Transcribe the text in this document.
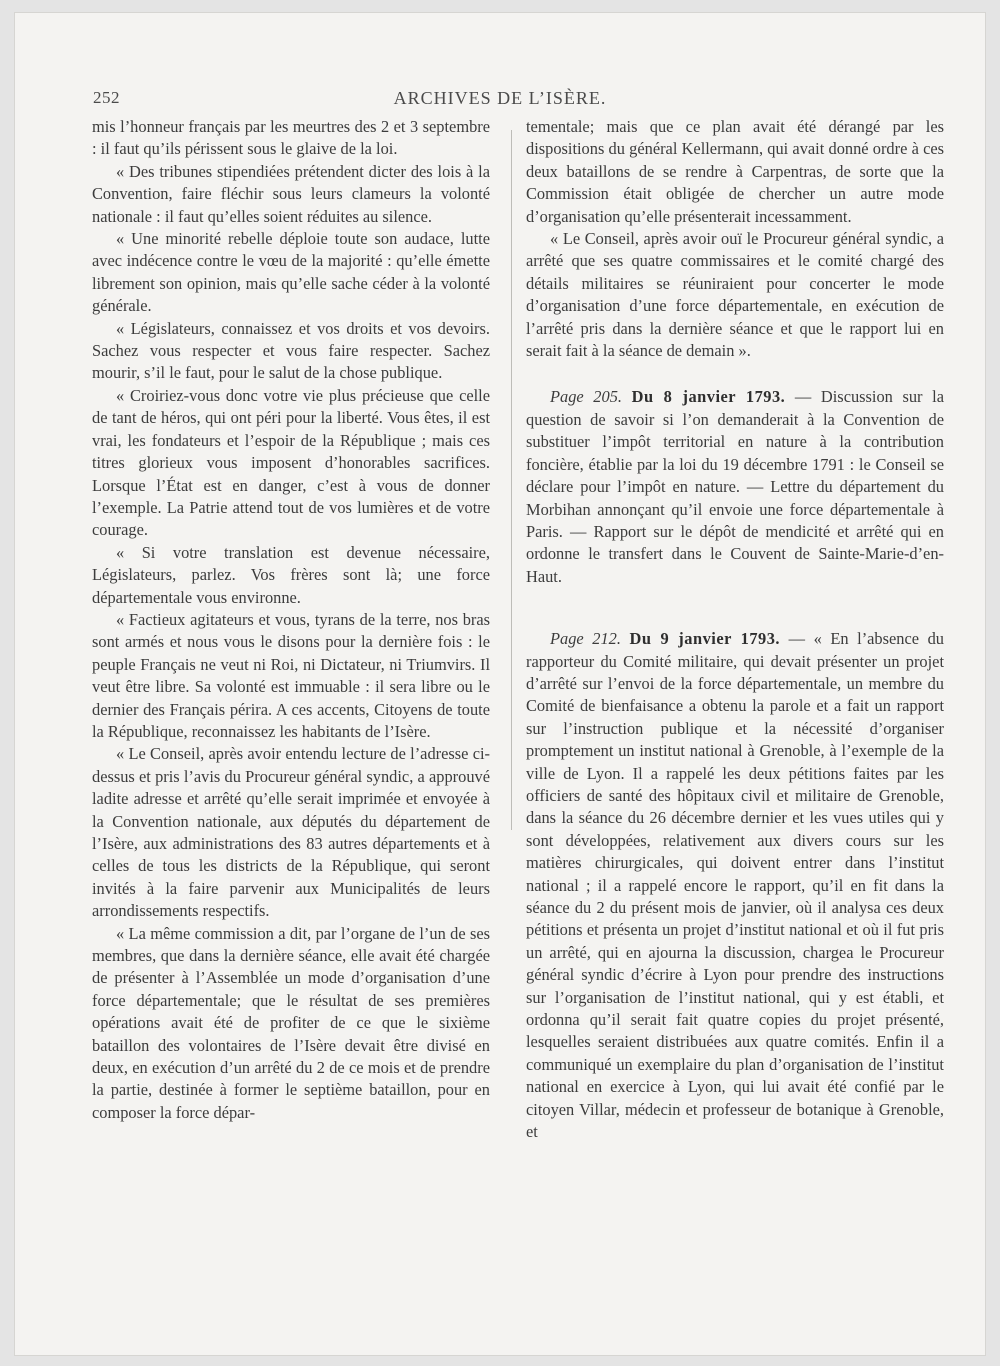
252	ARCHIVES DE L’ISÈRE.

mis l’honneur français par les meurtres des 2 et 3 septembre : il faut qu’ils périssent sous le glaive de la loi.

« Des tribunes stipendiées prétendent dicter des lois à la Convention, faire fléchir sous leurs clameurs la volonté nationale : il faut qu’elles soient réduites au silence.

« Une minorité rebelle déploie toute son audace, lutte avec indécence contre le vœu de la majorité : qu’elle émette librement son opinion, mais qu’elle sache céder à la volonté générale.

« Législateurs, connaissez et vos droits et vos devoirs. Sachez vous respecter et vous faire respecter. Sachez mourir, s’il le faut, pour le salut de la chose publique.

« Croiriez-vous donc votre vie plus précieuse que celle de tant de héros, qui ont péri pour la liberté. Vous êtes, il est vrai, les fondateurs et l’espoir de la République ; mais ces titres glorieux vous imposent d’honorables sacrifices. Lorsque l’État est en danger, c’est à vous de donner l’exemple. La Patrie attend tout de vos lumières et de votre courage.

« Si votre translation est devenue nécessaire, Législateurs, parlez. Vos frères sont là; une force départementale vous environne.

« Factieux agitateurs et vous, tyrans de la terre, nos bras sont armés et nous vous le disons pour la dernière fois : le peuple Français ne veut ni Roi, ni Dictateur, ni Triumvirs. Il veut être libre. Sa volonté est immuable : il sera libre ou le dernier des Français périra. A ces accents, Citoyens de toute la République, reconnaissez les habitants de l’Isère.

« Le Conseil, après avoir entendu lecture de l’adresse ci-dessus et pris l’avis du Procureur général syndic, a approuvé ladite adresse et arrêté qu’elle serait imprimée et envoyée à la Convention nationale, aux députés du département de l’Isère, aux administrations des 83 autres départements et à celles de tous les districts de la République, qui seront invités à la faire parvenir aux Municipalités de leurs arrondissements respectifs.

« La même commission a dit, par l’organe de l’un de ses membres, que dans la dernière séance, elle avait été chargée de présenter à l’Assemblée un mode d’organisation d’une force départementale; que le résultat de ses premières opérations avait été de profiter de ce que le sixième bataillon des volontaires de l’Isère devait être divisé en deux, en exécution d’un arrêté du 2 de ce mois et de prendre la partie, destinée à former le septième bataillon, pour en composer la force dépar-

tementale; mais que ce plan avait été dérangé par les dispositions du général Kellermann, qui avait donné ordre à ces deux bataillons de se rendre à Carpentras, de sorte que la Commission était obligée de chercher un autre mode d’organisation qu’elle présenterait incessamment.

« Le Conseil, après avoir ouï le Procureur général syndic, a arrêté que ses quatre commissaires et le comité chargé des détails militaires se réuniraient pour concerter le mode d’organisation d’une force départementale, en exécution de l’arrêté pris dans la dernière séance et que le rapport lui en serait fait à la séance de demain ».

Page 205. Du 8 janvier 1793. — Discussion sur la question de savoir si l’on demanderait à la Convention de substituer l’impôt territorial en nature à la contribution foncière, établie par la loi du 19 décembre 1791 : le Conseil se déclare pour l’impôt en nature. — Lettre du département du Morbihan annonçant qu’il envoie une force départementale à Paris. — Rapport sur le dépôt de mendicité et arrêté qui en ordonne le transfert dans le Couvent de Sainte-Marie-d’en-Haut.

Page 212. Du 9 janvier 1793. — « En l’absence du rapporteur du Comité militaire, qui devait présenter un projet d’arrêté sur l’envoi de la force départementale, un membre du Comité de bienfaisance a obtenu la parole et a fait un rapport sur l’instruction publique et la nécessité d’organiser promptement un institut national à Grenoble, à l’exemple de la ville de Lyon. Il a rappelé les deux pétitions faites par les officiers de santé des hôpitaux civil et militaire de Grenoble, dans la séance du 26 décembre dernier et les vues utiles qui y sont développées, relativement aux divers cours sur les matières chirurgicales, qui doivent entrer dans l’institut national ; il a rappelé encore le rapport, qu’il en fit dans la séance du 2 du présent mois de janvier, où il analysa ces deux pétitions et présenta un projet d’institut national et où il fut pris un arrêté, qui en ajourna la discussion, chargea le Procureur général syndic d’écrire à Lyon pour prendre des instructions sur l’organisation de l’institut national, qui y est établi, et ordonna qu’il serait fait quatre copies du projet présenté, lesquelles seraient distribuées aux quatre comités. Enfin il a communiqué un exemplaire du plan d’organisation de l’institut national en exercice à Lyon, qui lui avait été confié par le citoyen Villar, médecin et professeur de botanique à Grenoble, et
